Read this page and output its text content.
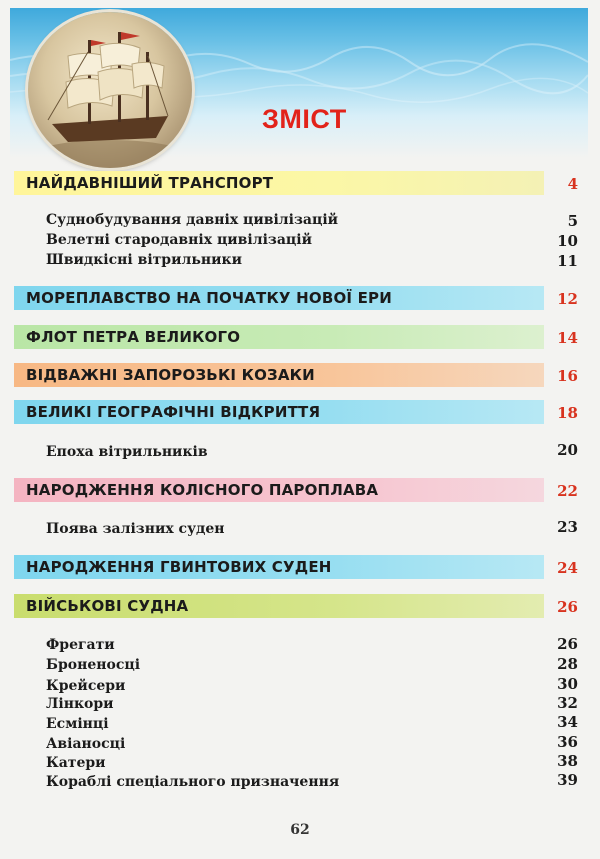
ЗМІСТ
НАЙДАВНІШИЙ ТРАНСПОРТ	4
Суднобудування давніх цивілізацій	5
Велетні стародавніх цивілізацій	10
Швидкісні вітрильники	11
МОРЕПЛАВСТВО НА ПОЧАТКУ НОВОЇ ЕРИ	12
ФЛОТ ПЕТРА ВЕЛИКОГО	14
ВІДВАЖНІ ЗАПОРОЗЬКІ КОЗАКИ	16
ВЕЛИКІ ГЕОГРАФІЧНІ ВІДКРИТТЯ	18
Епоха вітрильників	20
НАРОДЖЕННЯ КОЛІСНОГО ПАРОПЛАВА	22
Поява залізних суден	23
НАРОДЖЕННЯ ГВИНТОВИХ СУДЕН	24
ВІЙСЬКОВІ СУДНА	26
Фрегати	26
Броненосці	28
Крейсери	30
Лінкори	32
Есмінці	34
Авіаносці	36
Катери	38
Кораблі спеціального призначення	39
62
